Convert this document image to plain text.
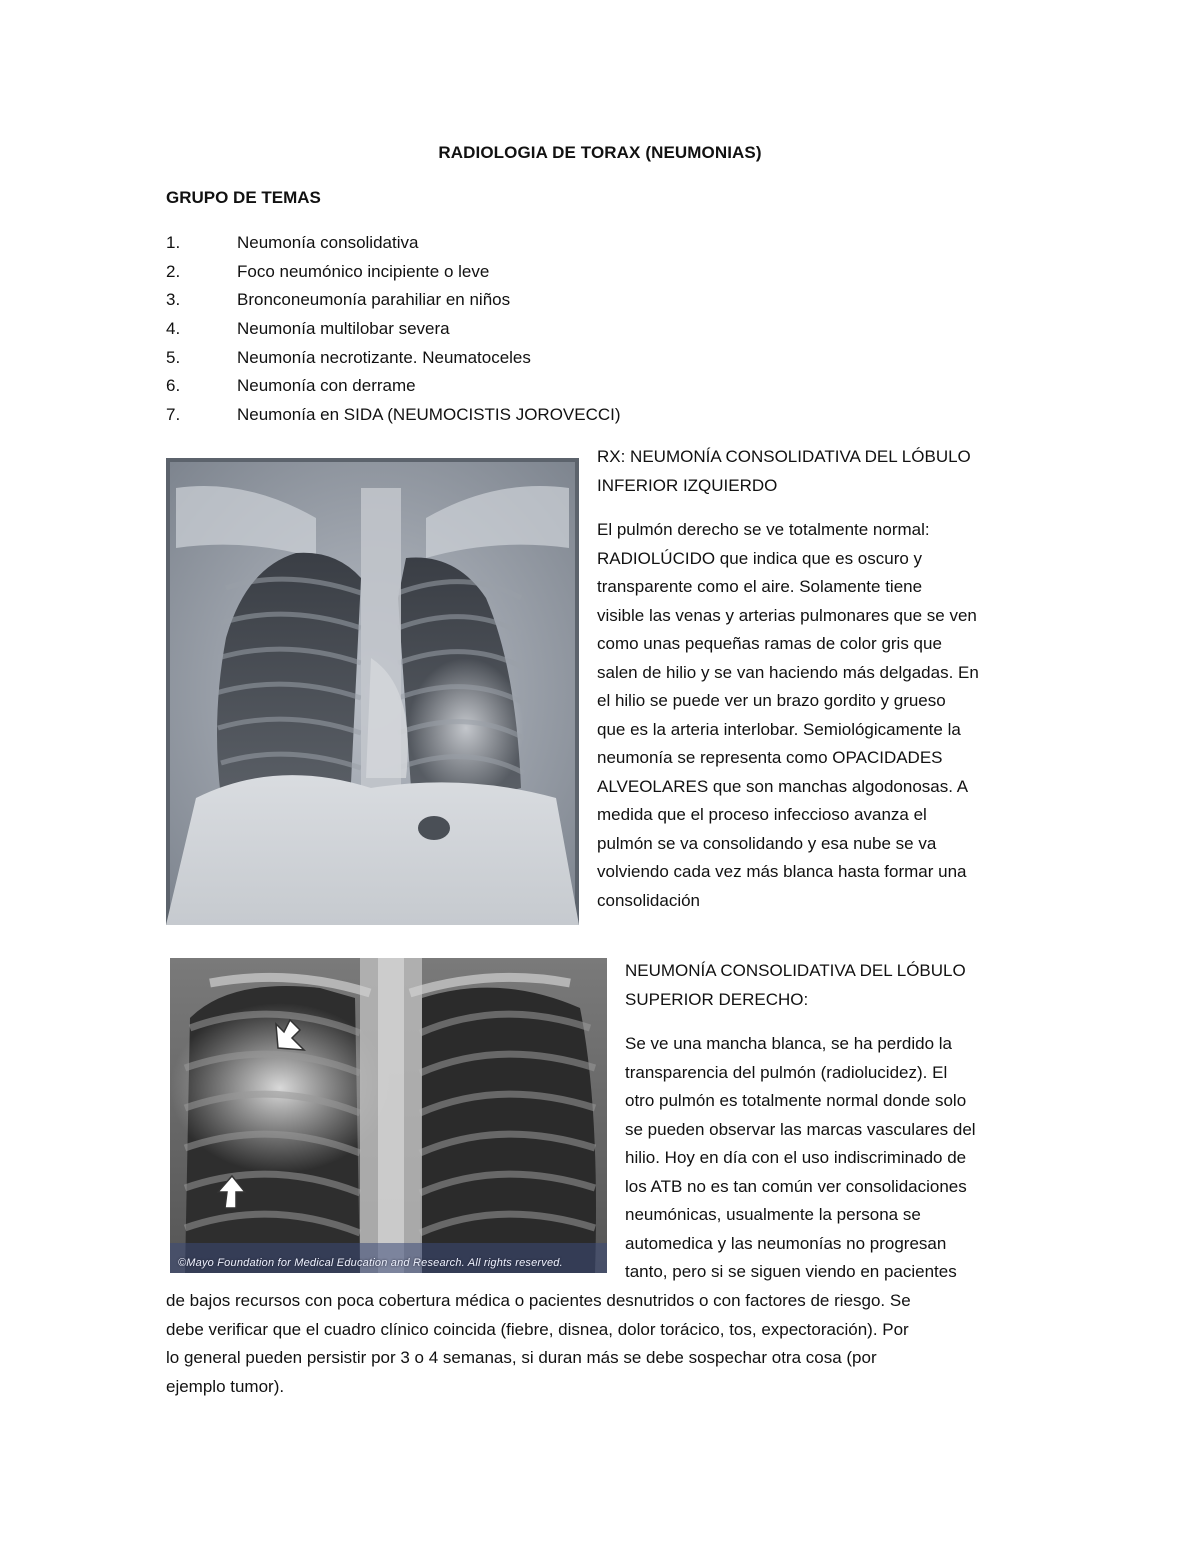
RADIOLOGIA DE TORAX (NEUMONIAS)
GRUPO DE TEMAS
1.	Neumonía consolidativa
2.	Foco neumónico incipiente o leve
3.	Bronconeumonía parahiliar en niños
4.	Neumonía multilobar severa
5.	Neumonía necrotizante. Neumatoceles
6.	Neumonía con derrame
7.	Neumonía en SIDA (NEUMOCISTIS JOROVECCI)

RX: NEUMONÍA CONSOLIDATIVA DEL LÓBULO

INFERIOR IZQUIERDO

El pulmón derecho se ve totalmente normal:

RADIOLÚCIDO que indica que es oscuro y

transparente como el aire. Solamente tiene

visible las venas y arterias pulmonares que se ven

como unas pequeñas ramas de color gris que

salen de hilio y se van haciendo más delgadas. En

el hilio se puede ver un brazo gordito y grueso

que es la arteria interlobar. Semiológicamente la

neumonía se representa como OPACIDADES

ALVEOLARES que son manchas algodonosas. A

medida que el proceso infeccioso avanza el

pulmón se va consolidando y esa nube se va

volviendo cada vez más blanca hasta formar una

consolidación

©Mayo Foundation for Medical Education and Research. All rights reserved.

NEUMONÍA CONSOLIDATIVA DEL LÓBULO

SUPERIOR DERECHO:

Se ve una mancha blanca, se ha perdido la

transparencia del pulmón (radiolucidez). El

otro pulmón es totalmente normal donde solo

se pueden observar las marcas vasculares del

hilio. Hoy en día con el uso indiscriminado de

los ATB no es tan común ver consolidaciones

neumónicas, usualmente la persona se

automedica y las neumonías no progresan

tanto, pero si se siguen viendo en pacientes

de bajos recursos con poca cobertura médica o pacientes desnutridos o con factores de riesgo. Se

debe verificar que el cuadro clínico coincida (fiebre, disnea, dolor torácico, tos, expectoración). Por

lo general pueden persistir por 3 o 4 semanas, si duran más se debe sospechar otra cosa (por

ejemplo tumor).
